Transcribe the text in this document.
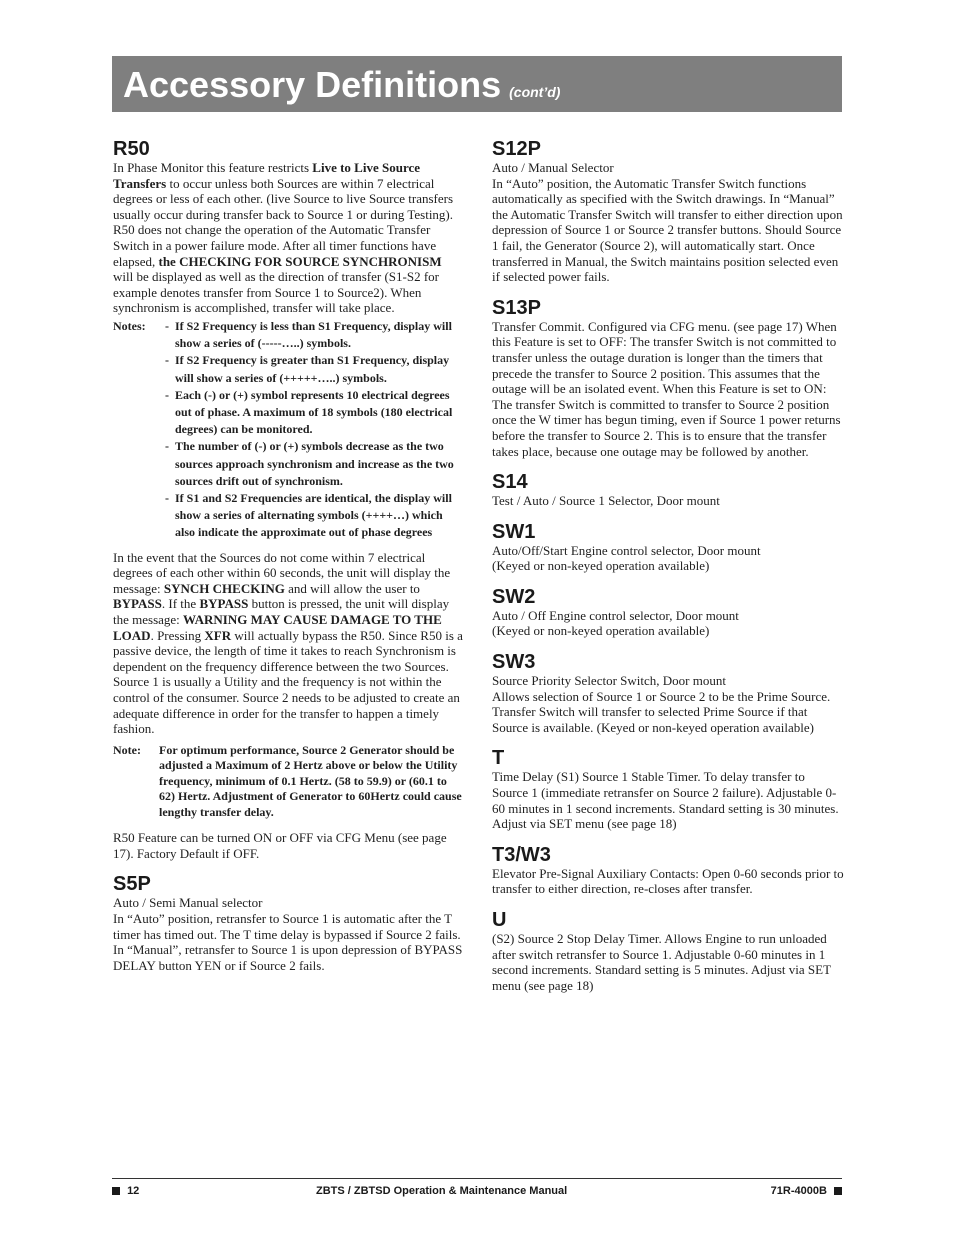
Accessory Definitions (cont’d)
R50

In Phase Monitor this feature restricts Live to Live Source Transfers to occur unless both Sources are within 7 electrical degrees or less of each other. (live Source to live Source transfers usually occur during transfer back to Source 1 or during Testing). R50 does not change the operation of the Automatic Transfer Switch in a power failure mode. After all timer functions have elapsed, the CHECKING FOR SOURCE SYNCHRONISM will be displayed as well as the direction of transfer (S1-S2 for example denotes transfer from Source 1 to Source2). When synchronism is accomplished, transfer will take place.

Notes:	- If S2 Frequency is less than S1 Frequency, display will show a series of (-----…..) symbols.
- If S2 Frequency is greater than S1 Frequency, display will show a series of (+++++…..) symbols.
- Each (-) or (+) symbol represents 10 electrical degrees out of phase. A maximum of 18 symbols (180 electrical degrees) can be monitored.
- The number of (-) or (+) symbols decrease as the two sources approach synchronism and increase as the two sources drift out of synchronism.
- If S1 and S2 Frequencies are identical, the display will show a series of alternating symbols (++++…) which also indicate the approximate out of phase degrees

In the event that the Sources do not come within 7 electrical degrees of each other within 60 seconds, the unit will display the message: SYNCH CHECKING and will allow the user to BYPASS. If the BYPASS button is pressed, the unit will display the message: WARNING MAY CAUSE DAMAGE TO THE LOAD. Pressing XFR will actually bypass the R50. Since R50 is a passive device, the length of time it takes to reach Synchronism is dependent on the frequency difference between the two Sources. Source 1 is usually a Utility and the frequency is not within the control of the consumer. Source 2 needs to be adjusted to create an adequate difference in order for the transfer to happen a timely fashion.

Note:	For optimum performance, Source 2 Generator should be adjusted a Maximum of 2 Hertz above or below the Utility frequency, minimum of 0.1 Hertz. (58 to 59.9) or (60.1 to 62) Hertz. Adjustment of Generator to 60Hertz could cause lengthy transfer delay.

R50 Feature can be turned ON or OFF via CFG Menu (see page 17). Factory Default if OFF.

S5P

Auto / Semi Manual selector

In “Auto” position, retransfer to Source 1 is automatic after the T timer has timed out. The T time delay is bypassed if Source 2 fails. In “Manual”, retransfer to Source 1 is upon depression of BYPASS DELAY button YEN or if Source 2 fails.

S12P

Auto / Manual Selector

In “Auto” position, the Automatic Transfer Switch functions automatically as specified with the Switch drawings. In “Manual” the Automatic Transfer Switch will transfer to either direction upon depression of Source 1 or Source 2 transfer buttons. Should Source 1 fail, the Generator (Source 2), will automatically start. Once transferred in Manual, the Switch maintains position selected even if selected power fails.

S13P

Transfer Commit. Configured via CFG menu. (see page 17) When this Feature is set to OFF: The transfer Switch is not committed to transfer unless the outage duration is longer than the timers that precede the transfer to Source 2 position. This assumes that the outage will be an isolated event. When this Feature is set to ON: The transfer Switch is committed to transfer to Source 2 position once the W timer has begun timing, even if Source 1 power returns before the transfer to Source 2. This is to ensure that the transfer takes place, because one outage may be followed by another.

S14

Test / Auto / Source 1 Selector, Door mount

SW1

Auto/Off/Start Engine control selector, Door mount

(Keyed or non-keyed operation available)

SW2

Auto / Off Engine control selector, Door mount

(Keyed or non-keyed operation available)

SW3

Source Priority Selector Switch, Door mount

Allows selection of Source 1 or Source 2 to be the Prime Source. Transfer Switch will transfer to selected Prime Source if that Source is available. (Keyed or non-keyed operation available)

T

Time Delay (S1) Source 1 Stable Timer. To delay transfer to Source 1 (immediate retransfer on Source 2 failure). Adjustable 0-60 minutes in 1 second increments. Standard setting is 30 minutes. Adjust via SET menu (see page 18)

T3/W3

Elevator Pre-Signal Auxiliary Contacts: Open 0-60 seconds prior to transfer to either direction, re-closes after transfer.

U

(S2) Source 2 Stop Delay Timer. Allows Engine to run unloaded after switch retransfer to Source 1. Adjustable 0-60 minutes in 1 second increments. Standard setting is 5 minutes. Adjust via SET menu (see page 18)

12	ZBTS / ZBTSD Operation & Maintenance Manual	71R-4000B
